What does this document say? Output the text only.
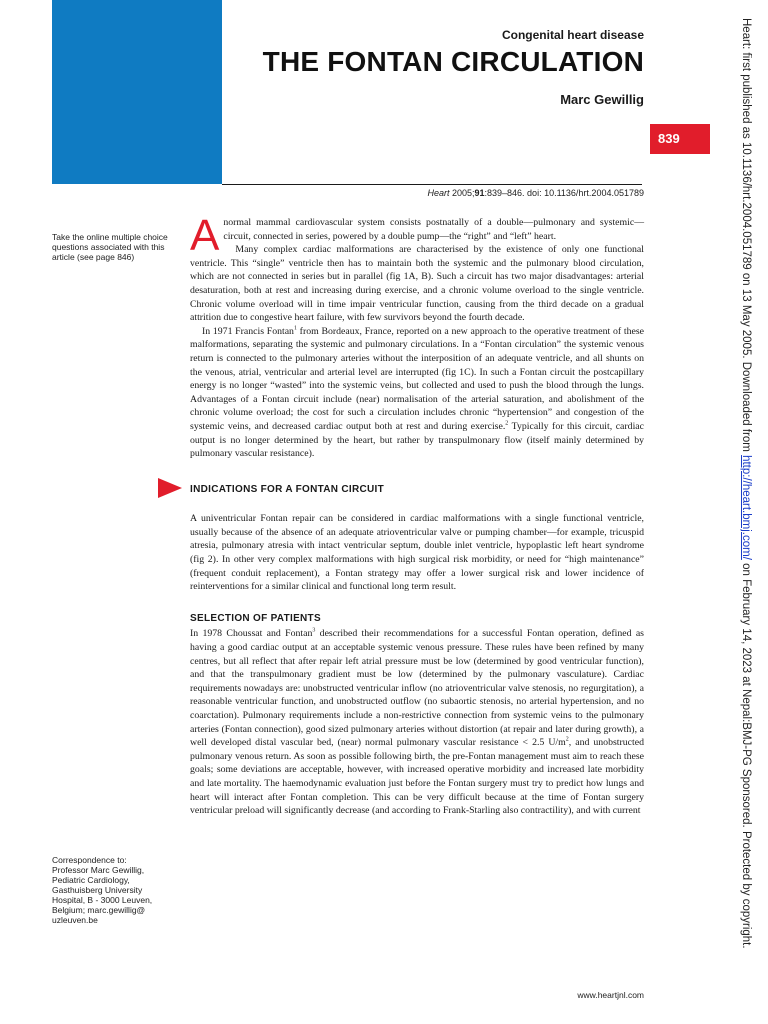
Congenital heart disease
THE FONTAN CIRCULATION
Marc Gewillig
839
Heart 2005;91:839–846. doi: 10.1136/hrt.2004.051789
Take the online multiple choice questions associated with this article (see page 846)
Correspondence to:
Professor Marc Gewillig,
Pediatric Cardiology,
Gasthuisberg University
Hospital, B - 3000 Leuven,
Belgium; marc.gewillig@
uzleuven.be
Heart: first published as 10.1136/hrt.2004.051789 on 13 May 2005. Downloaded from http://heart.bmj.com/ on February 14, 2023 at Nepal:BMJ-PG Sponsored. Protected by copyright.

A normal mammal cardiovascular system consists postnatally of a double—pulmonary and systemic—circuit, connected in series, powered by a double pump—the “right” and “left” heart.

Many complex cardiac malformations are characterised by the existence of only one functional ventricle. This “single” ventricle then has to maintain both the systemic and the pulmonary blood circulation, which are not connected in series but in parallel (fig 1A, B). Such a circuit has two major disadvantages: arterial desaturation, both at rest and increasing during exercise, and a chronic volume overload to the single ventricle. Chronic volume overload will in time impair ventricular function, causing from the third decade on a gradual attrition due to congestive heart failure, with few survivors beyond the fourth decade.

In 1971 Francis Fontan$^1$ from Bordeaux, France, reported on a new approach to the operative treatment of these malformations, separating the systemic and pulmonary circulations. In a “Fontan circulation” the systemic venous return is connected to the pulmonary arteries without the interposition of an adequate ventricle, and all shunts on the venous, atrial, ventricular and arterial level are interrupted (fig 1C). In such a Fontan circuit the postcapillary energy is no longer “wasted” into the systemic veins, but collected and used to push the blood through the lungs. Advantages of a Fontan circuit include (near) normalisation of the arterial saturation, and abolishment of the chronic volume overload; the cost for such a circulation includes chronic “hypertension” and congestion of the systemic veins, and decreased cardiac output both at rest and during exercise.$^2$ Typically for this circuit, cardiac output is no longer determined by the heart, but rather by transpulmonary flow (itself mainly determined by pulmonary vascular resistance).

INDICATIONS FOR A FONTAN CIRCUIT

A univentricular Fontan repair can be considered in cardiac malformations with a single functional ventricle, usually because of the absence of an adequate atrioventricular valve or pumping chamber—for example, tricuspid atresia, pulmonary atresia with intact ventricular septum, double inlet ventricle, hypoplastic left heart syndrome (fig 2). In other very complex malformations with high surgical risk morbidity, or need for “high maintenance” (frequent conduit replacement), a Fontan strategy may offer a lower surgical risk and lower incidence of reinterventions for a similar clinical and functional long term result.

SELECTION OF PATIENTS

In 1978 Choussat and Fontan$^3$ described their recommendations for a successful Fontan operation, defined as having a good cardiac output at an acceptable systemic venous pressure. These rules have been refined by many centres, but all reflect that after repair left atrial pressure must be low (determined by good ventricular function), and that the transpulmonary gradient must be low (determined by the pulmonary vasculature). Cardiac requirements nowadays are: unobstructed ventricular inflow (no atrioventricular valve stenosis, no regurgitation), a reasonable ventricular function, and unobstructed outflow (no subaortic stenosis, no arterial hypertension, and no coarctation). Pulmonary requirements include a non-restrictive connection from systemic veins to the pulmonary arteries (Fontan connection), good sized pulmonary arteries without distortion (at repair and later during growth), a well developed distal vascular bed, (near) normal pulmonary vascular resistance < 2.5 $U/m^2$, and unobstructed pulmonary venous return. As soon as possible following birth, the pre-Fontan management must aim to reach these goals; some deviations are acceptable, however, with increased operative morbidity and increased late morbidity and late mortality. The haemodynamic evaluation just before the Fontan surgery must try to predict how lungs and heart will interact after Fontan completion. This can be very difficult because at the time of Fontan surgery ventricular preload will significantly decrease (and according to Frank-Starling also contractility), and with current

www.heartjnl.com
